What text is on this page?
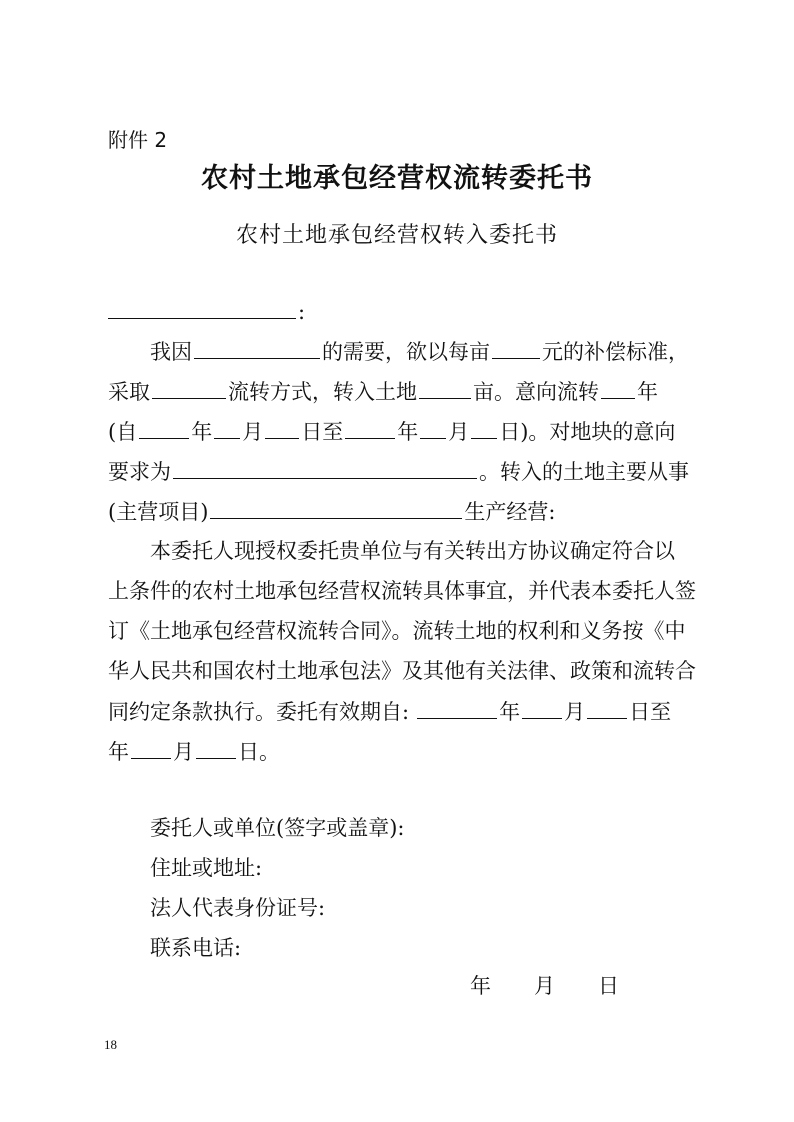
附件 2
农村土地承包经营权流转委托书
农村土地承包经营权转入委托书
:
我因	的需要，欲以每亩 元的补偿标准，
采取	流转方式，转入土地	亩。意向流转 年
(自	年 月 日至	年 月 日)。对地块的意向
要求为	。转入的土地主要从事
(主营项目)	生产经营:
本委托人现授权委托贵单位与有关转出方协议确定符合以
上条件的农村土地承包经营权流转具体事宜，并代表本委托人签
订《土地承包经营权流转合同》。流转土地的权利和义务按《中
华人民共和国农村土地承包法》及其他有关法律、政策和流转合
同约定条款执行。委托有效期自:	年 月 日至
年 月 日。
委托人或单位(签字或盖章):
住址或地址:
法人代表身份证号:
联系电话:
年 月 日
18
